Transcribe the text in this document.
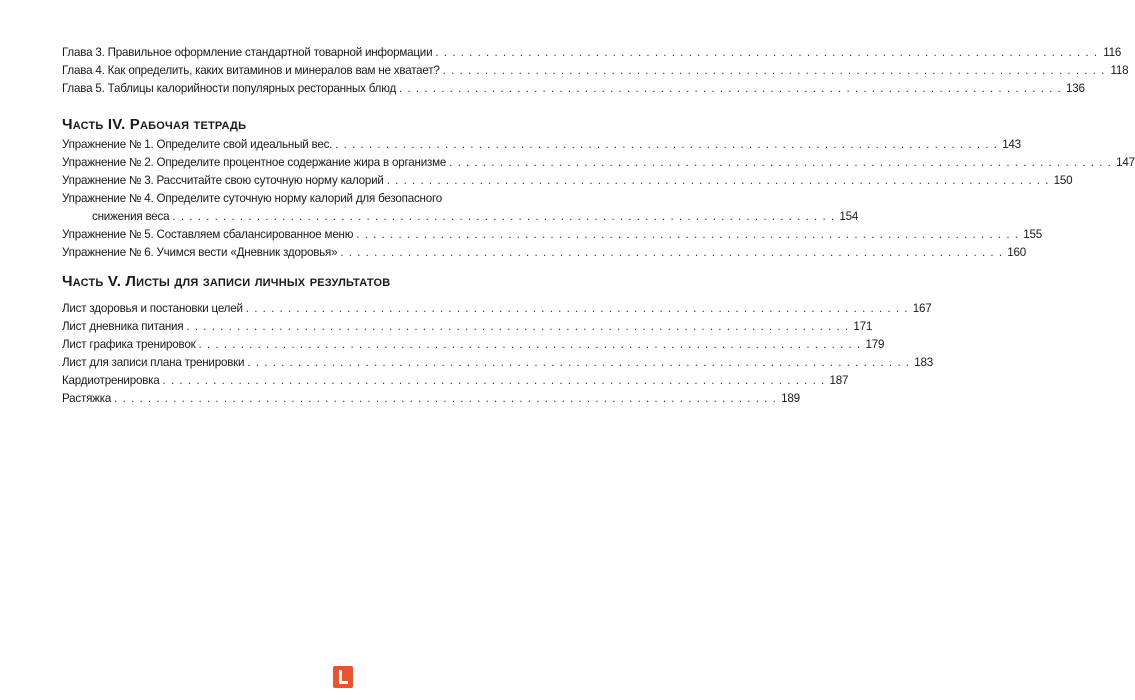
Глава 3. Правильное оформление стандартной товарной информации . . .	116
Глава 4. Как определить, каких витаминов и минералов вам не хватает? . . .	118
Глава 5. Таблицы калорийности популярных ресторанных блюд . . .	136
Часть IV. Рабочая тетрадь
Упражнение № 1. Определите свой идеальный вес. . . .	143
Упражнение № 2. Определите процентное содержание жира в организме . . .	147
Упражнение № 3. Рассчитайте свою суточную норму калорий . . .	150
Упражнение № 4. Определите суточную норму калорий для безопасного
снижения веса . . .	154
Упражнение № 5. Составляем сбалансированное меню . . .	155
Упражнение № 6. Учимся вести «Дневник здоровья» . . .	160
Часть V. Листы для записи личных результатов
Лист здоровья и постановки целей . . .	167
Лист дневника питания . . .	171
Лист графика тренировок . . .	179
Лист для записи плана тренировки . . .	183
Кардиотренировка . . .	187
Растяжка . . .	189
